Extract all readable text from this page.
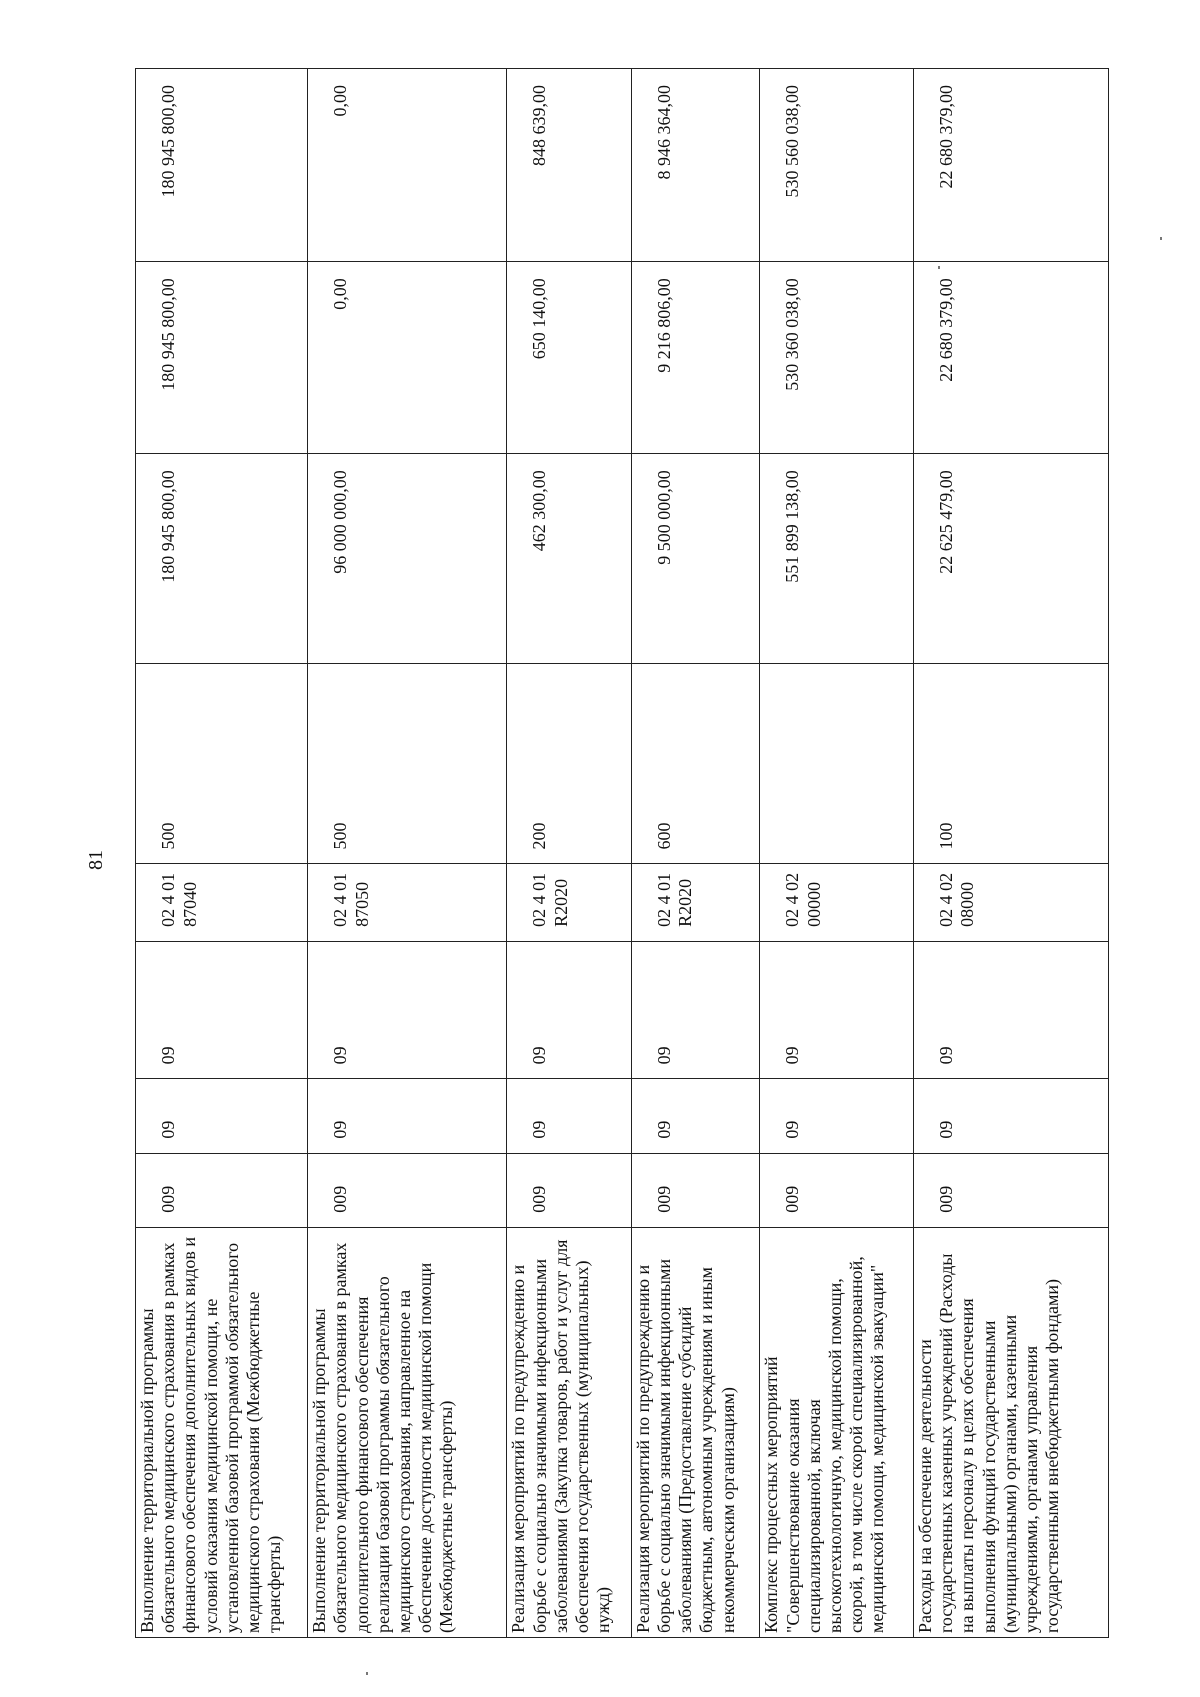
81
Выполнение территориальной программы обязательного медицинского страхования в рамках финансового обеспечения дополнительных видов и условий оказания медицинской помощи, не установленной базовой программой обязательного медицинского страхования (Межбюджетные трансферты)	009	09	09	02 4 01 87040	500	180 945 800,00	180 945 800,00	180 945 800,00
Выполнение территориальной программы обязательного медицинского страхования в рамках дополнительного финансового обеспечения реализации базовой программы обязательного медицинского страхования, направленное на обеспечение доступности медицинской помощи (Межбюджетные трансферты)	009	09	09	02 4 01 87050	500	96 000 000,00	0,00	0,00
Реализация мероприятий по предупреждению и борьбе с социально значимыми инфекционными заболеваниями (Закупка товаров, работ и услуг для обеспечения государственных (муниципальных) нужд)	009	09	09	02 4 01 R2020	200	462 300,00	650 140,00	848 639,00
Реализация мероприятий по предупреждению и борьбе с социально значимыми инфекционными заболеваниями (Предоставление субсидий бюджетным, автономным учреждениям и иным некоммерческим организациям)	009	09	09	02 4 01 R2020	600	9 500 000,00	9 216 806,00	8 946 364,00
Комплекс процессных мероприятий "Совершенствование оказания специализированной, включая высокотехнологичную, медицинской помощи, скорой, в том числе скорой специализированной, медицинской помощи, медицинской эвакуации"	009	09	09	02 4 02 00000		551 899 138,00	530 360 038,00	530 560 038,00
Расходы на обеспечение деятельности государственных казенных учреждений (Расходы на выплаты персоналу в целях обеспечения выполнения функций государственными (муниципальными) органами, казенными учреждениями, органами управления государственными внебюджетными фондами)	009	09	09	02 4 02 08000	100	22 625 479,00	22 680 379,00	22 680 379,00
